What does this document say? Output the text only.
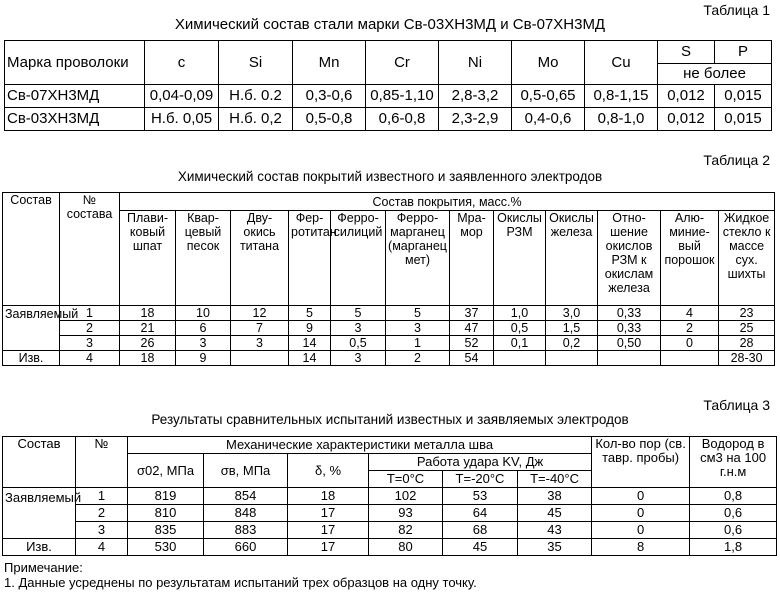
Таблица 1
Химический состав стали марки Св-03ХН3МД и Св-07ХН3МД
Марка проволоки	c	Si	Mn	Cr	Ni	Mo	Cu	S	P
								не более	
Св-07ХН3МД	0,04-0,09	Н.б. 0.2	0,3-0,6	0,85-1,10	2,8-3,2	0,5-0,65	0,8-1,15	0,012	0,015
Св-03ХН3МД	Н.б. 0,05	Н.б. 0,2	0,5-0,8	0,6-0,8	2,3-2,9	0,4-0,6	0,8-1,0	0,012	0,015
Таблица 2
Химический состав покрытий известного и заявленного электродов
Состав	№ состава	Состав покрытия, масс.%											
		Плавиковый шпат	Кварцевый песок	Двуокись титана	Ферротитан	Ферросилиций	Ферромарганец (марганец мет)	Мрамор	Окислы РЗМ	Окислы железа	Отношение окислов РЗМ к окислам железа	Алюминиевый порошок	Жидкое стекло к массе сух. шихты
Заявляемый	1	18	10	12	5	5	5	37	1,0	3,0	0,33	4	23
	2	21	6	7	9	3	3	47	0,5	1,5	0,33	2	25
	3	26	3	3	14	0,5	1	52	0,1	0,2	0,50	0	28
Изв.	4	18	9		14	3	2	54					28-30
Таблица 3
Результаты сравнительных испытаний известных и заявляемых электродов
Состав	№	Механические характеристики металла шва						Кол-во пор (св. тавр. пробы)	Водород в см3 на 100 г.н.м
		σ02, МПа	σв, МПа	δ, %	Работа удара KV, Дж				
					T=0°C	T=-20°C	T=-40°C		
Заявляемый	1	819	854	18	102	53	38	0	0,8
	2	810	848	17	93	64	45	0	0,6
	3	835	883	17	82	68	43	0	0,6
Изв.	4	530	660	17	80	45	35	8	1,8
Примечание:
1. Данные усреднены по результатам испытаний трех образцов на одну точку.
